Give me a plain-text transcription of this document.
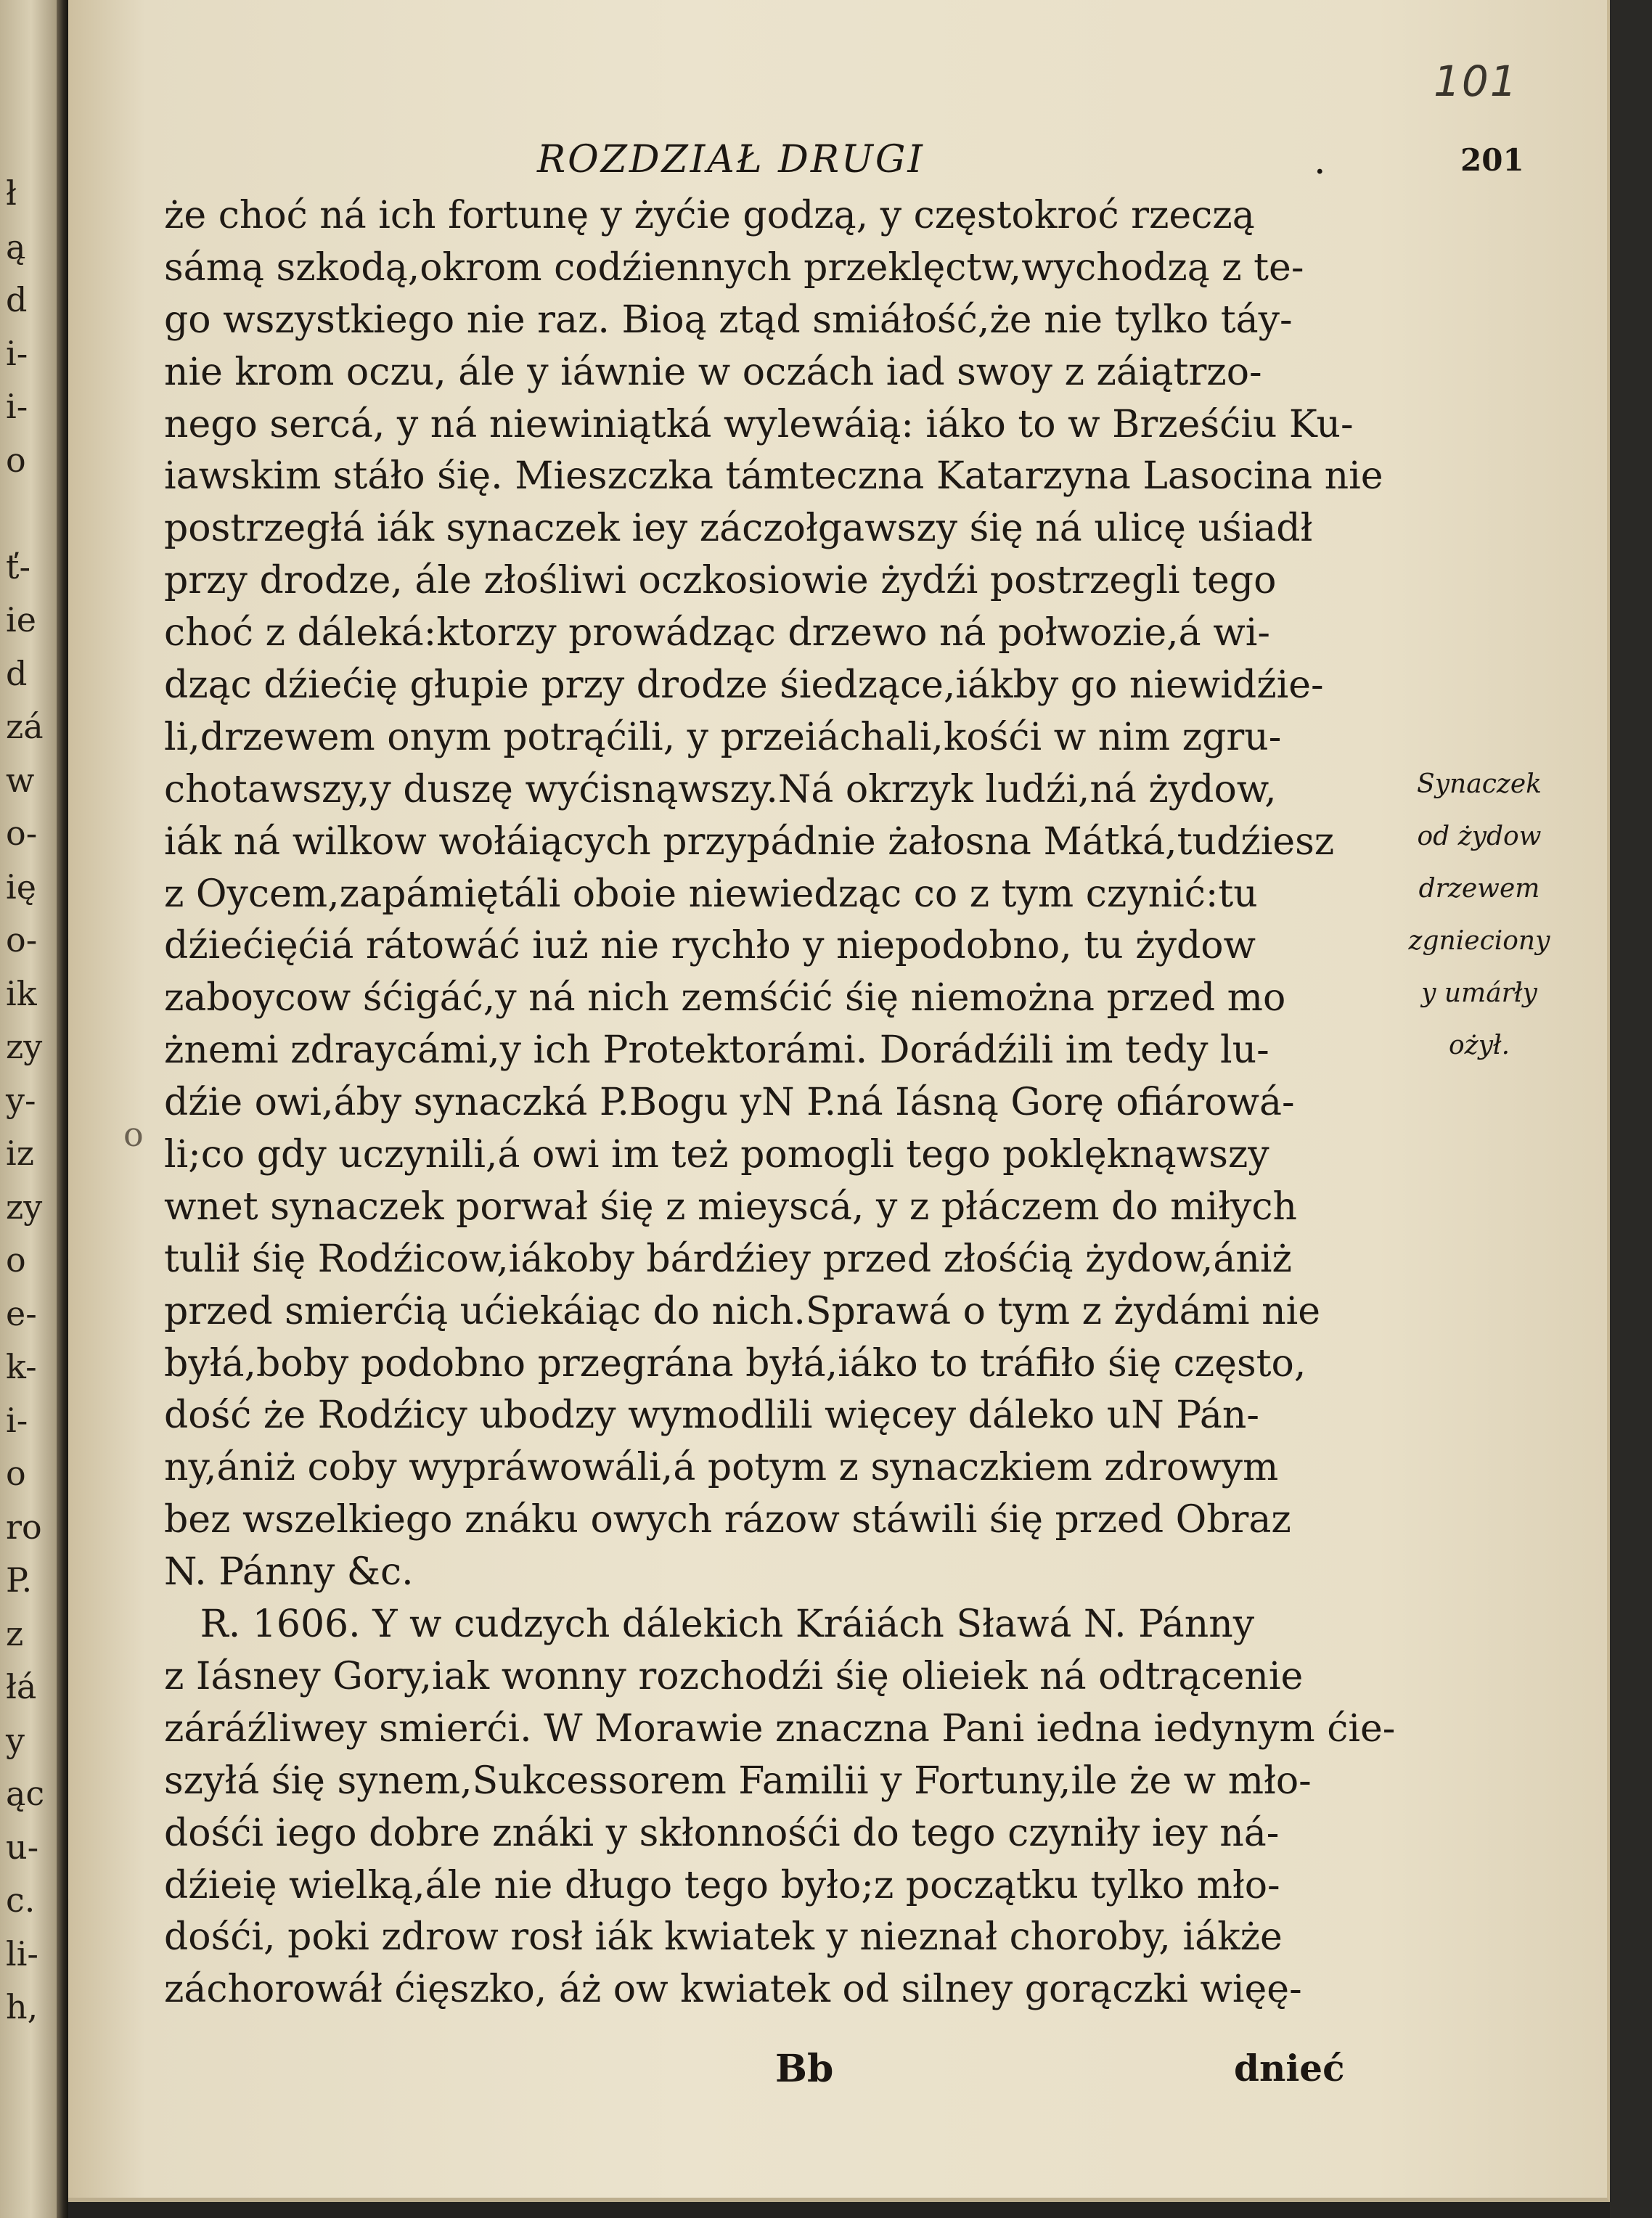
ł
ą
d
i-
i-
o
ť-
ie
d
zá
w
o-
ię
o-
ik
zy
y-
iz
zy
o
e-
k-
i-
o
ro
P.
z
łá
y
ąc
u-
c.
li-
h,
101
ROZDZIAŁ DRUGI	.	201
że choć ná ich fortunę y żyćie godzą, y częstokroć rzeczą
sámą szkodą,okrom codźiennych przeklęctw,wychodzą z te-
go wszystkiego nie raz. Bioą ztąd smiáłość,że nie tylko táy-
nie krom oczu, ále y iáwnie w oczách iad swoy z záiątrzo-
nego sercá, y ná niewiniątká wylewáią: iáko to w Brześćiu Ku-
iawskim stáło śię. Mieszczka támteczna Katarzyna Lasocina nie
postrzegłá iák synaczek iey záczołgawszy śię ná ulicę uśiadł
przy drodze, ále złośliwi oczkosiowie żydźi postrzegli tego
choć z dáleká:ktorzy prowádząc drzewo ná połwozie,á wi-
dząc dźiećię głupie przy drodze śiedzące,iákby go niewidźie-
li,drzewem onym potrąćili, y przeiáchali,kośći w nim zgru-
chotawszy,y duszę wyćisnąwszy.Ná okrzyk ludźi,ná żydow,
iák ná wilkow wołáiących przypádnie żałosna Mátká,tudźiesz
z Oycem,zapámiętáli oboie niewiedząc co z tym czynić:tu
dźiećięćiá rátowáć iuż nie rychło y niepodobno, tu żydow
zaboycow śćigáć,y ná nich zemśćić śię niemożna przed mo
żnemi zdraycámi,y ich Protektorámi. Dorádźili im tedy lu-
dźie owi,áby synaczká P.Bogu yN P.ná Iásną Gorę ofiárowá-
li;co gdy uczynili,á owi im też pomogli tego poklęknąwszy
wnet synaczek porwał śię z mieyscá, y z płáczem do miłych
tulił śię Rodźicow,iákoby bárdźiey przed złośćią żydow,ániż
przed smierćią ućiekáiąc do nich.Sprawá o tym z żydámi nie
byłá,boby podobno przegrána byłá,iáko to tráfiło śię często,
dość że Rodźicy ubodzy wymodlili więcey dáleko uN Pán-
ny,ániż coby wypráwowáli,á potym z synaczkiem zdrowym
bez wszelkiego znáku owych rázow stáwili śię przed Obraz
N. Pánny &c.
R. 1606. Y w cudzych dálekich Kráiách Sławá N. Pánny
z Iásney Gory,iak wonny rozchodźi śię olieiek ná odtrącenie
záráźliwey smierći. W Morawie znaczna Pani iedna iedynym ćie-
szyłá śię synem,Sukcessorem Familii y Fortuny,ile że w mło-
dośći iego dobre znáki y skłonnośći do tego czyniły iey ná-
dźieię wielką,ále nie długo tego było;z początku tylko mło-
dośći, poki zdrow rosł iák kwiatek y nieznał choroby, iákże
záchorowáł ćięszko, áż ow kwiatek od silney gorączki więę-
o
Synaczek
od żydow
drzewem
zgnieciony
y umárły
ożył.
Bb	dnieć
